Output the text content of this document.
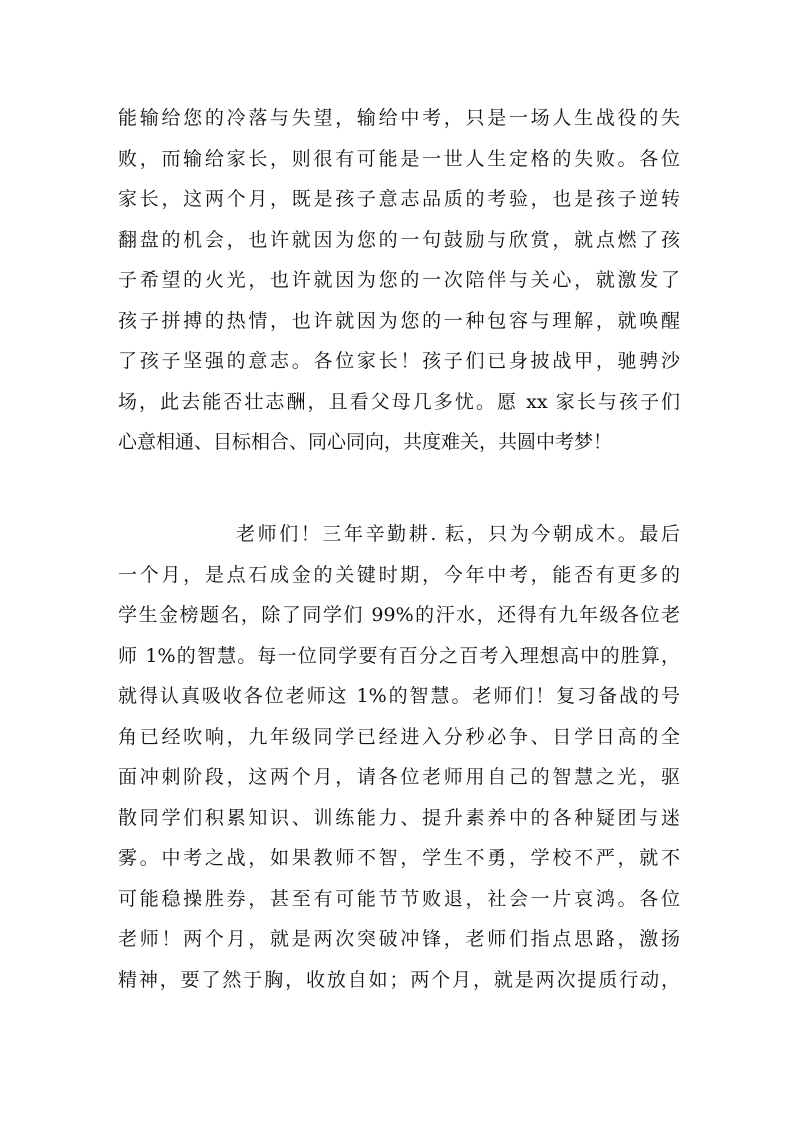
能输给您的冷落与失望，输给中考，只是一场人生战役的失
败，而输给家长，则很有可能是一世人生定格的失败。各位
家长，这两个月，既是孩子意志品质的考验，也是孩子逆转
翻盘的机会，也许就因为您的一句鼓励与欣赏，就点燃了孩
子希望的火光，也许就因为您的一次陪伴与关心，就激发了
孩子拼搏的热情，也许就因为您的一种包容与理解，就唤醒
了孩子坚强的意志。各位家长！孩子们已身披战甲，驰骋沙
场，此去能否壮志酬，且看父母几多忧。愿 xx 家长与孩子们
心意相通、目标相合、同心同向，共度难关，共圆中考梦！
老师们！三年辛勤耕. 耘，只为今朝成木。最后
一个月，是点石成金的关键时期，今年中考，能否有更多的
学生金榜题名，除了同学们 99%的汗水，还得有九年级各位老
师 1%的智慧。每一位同学要有百分之百考入理想高中的胜算，
就得认真吸收各位老师这 1%的智慧。老师们！复习备战的号
角已经吹响，九年级同学已经进入分秒必争、日学日高的全
面冲刺阶段，这两个月，请各位老师用自己的智慧之光，驱
散同学们积累知识、训练能力、提升素养中的各种疑团与迷
雾。中考之战，如果教师不智，学生不勇，学校不严，就不
可能稳操胜券，甚至有可能节节败退，社会一片哀鸿。各位
老师！两个月，就是两次突破冲锋，老师们指点思路，激扬
精神，要了然于胸，收放自如；两个月，就是两次提质行动，
